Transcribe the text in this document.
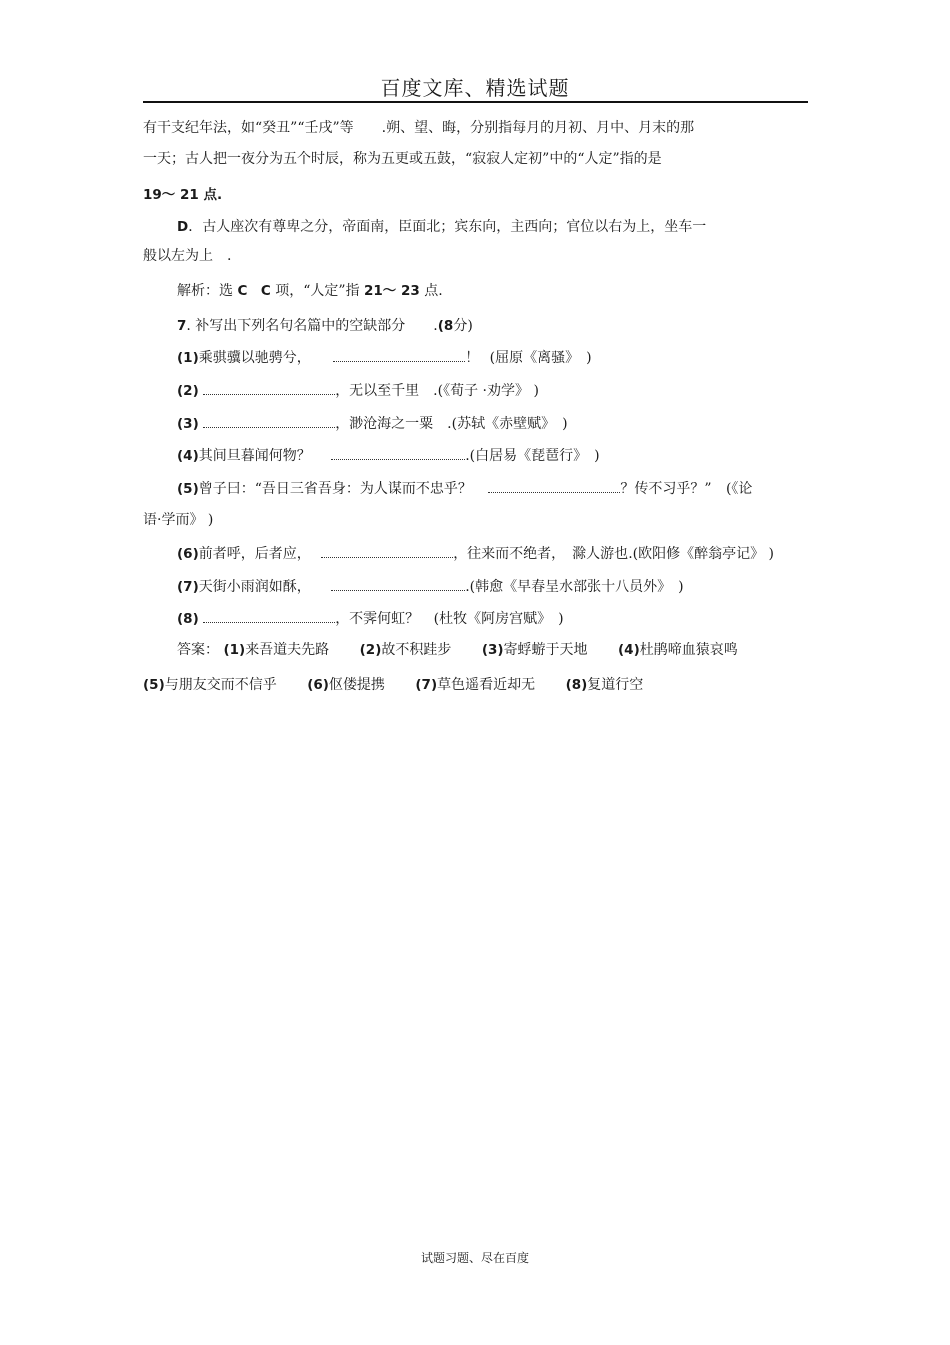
百度文库、精选试题
有干支纪年法，如“癸丑”“壬戌”等　　.朔、望、晦，分别指每月的月初、月中、月末的那
一天；古人把一夜分为五个时辰，称为五更或五鼓，“寂寂人定初”中的“人定”指的是
19～ 21 点.
D．古人座次有尊卑之分，帝面南，臣面北；宾东向，主西向；官位以右为上，坐车一
般以左为上　.
解析：选 C　C 项，“人定”指 21～ 23 点.
7. 补写出下列名句名篇中的空缺部分　　.(8分)
(1)乘骐骥以驰骋兮，	！ (屈原《离骚》　)
(2)	，无以至千里　.(《荀子 ·劝学》 )
(3)	，渺沧海之一粟　.(苏轼《赤壁赋》　)
(4)其间旦暮闻何物？	.(白居易《琵琶行》　)
(5)曾子曰：“吾日三省吾身：为人谋而不忠乎？	？传不习乎？” (《论
语·学而》 )
(6)前者呼，后者应，	，往来而不绝者，　滁人游也.(欧阳修《醉翁亭记》 )
(7)天街小雨润如酥，	.(韩愈《早春呈水部张十八员外》　)
(8)	，不霁何虹？ (杜牧《阿房宫赋》　)
答案： (1)来吾道夫先路 (2)故不积跬步 (3)寄蜉蝣于天地 (4)杜鹃啼血猿哀鸣
(5)与朋友交而不信乎 (6)伛偻提携 (7)草色遥看近却无 (8)复道行空
试题习题、尽在百度
